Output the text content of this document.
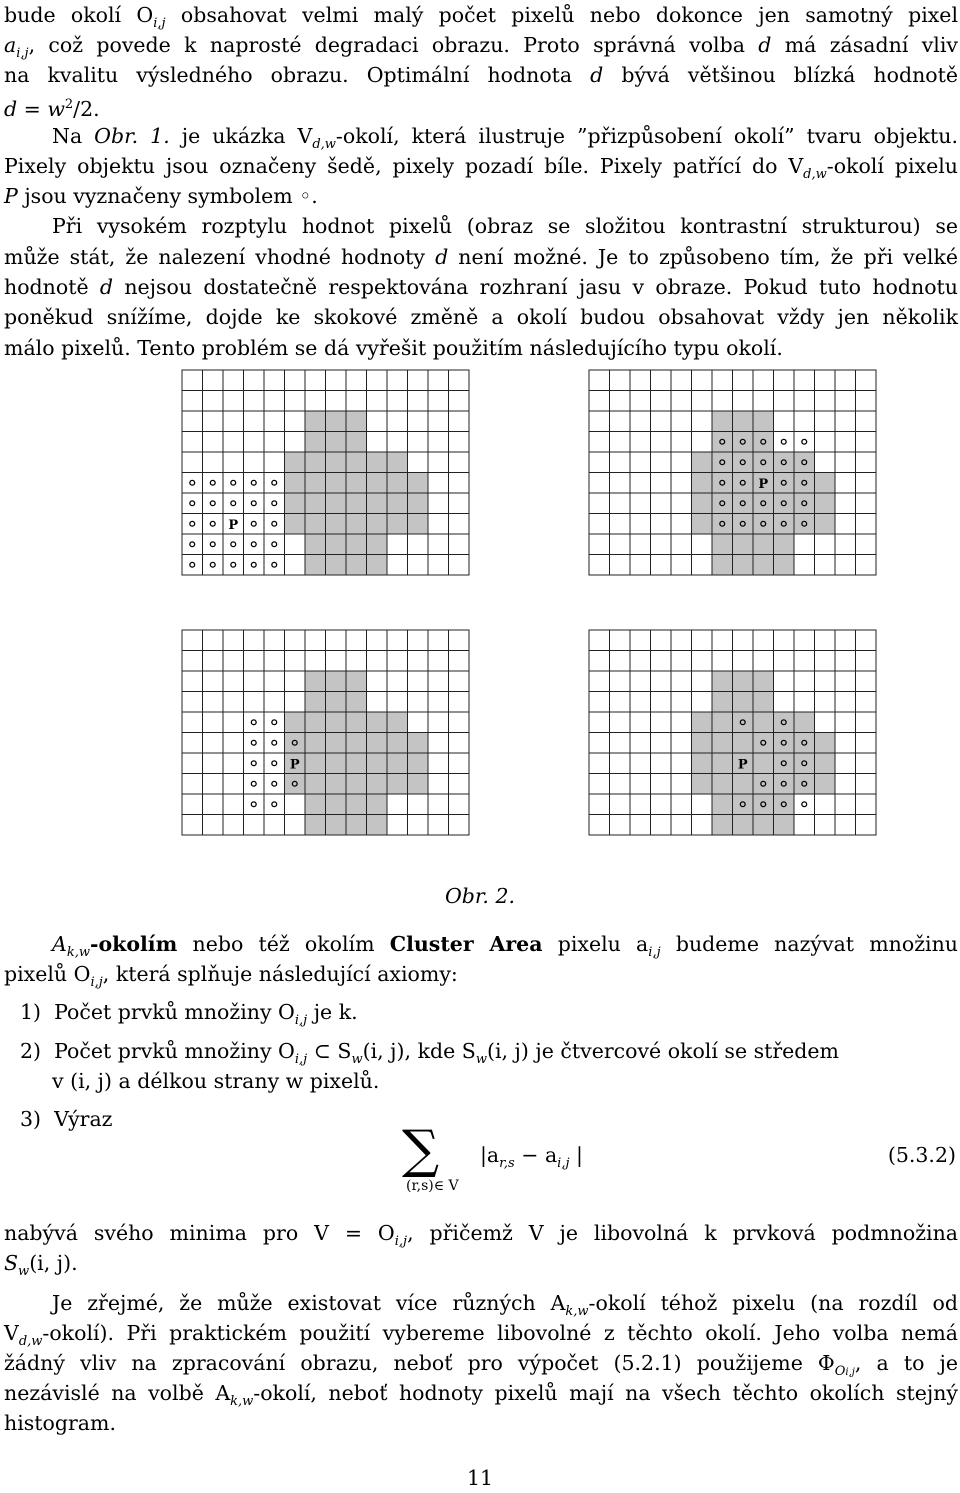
bude okolí $O_{i,j}$ obsahovat velmi malý počet pixelů nebo dokonce jen samotný pixel
$a_{i,j}$, což povede k naprosté degradaci obrazu. Proto správná volba d má zásadní vliv
na kvalitu výsledného obrazu. Optimální hodnota d bývá většinou blízká hodnotě
$d = w^2/2$.
Na Obr. 1. je ukázka $V_{d,w}$-okolí, která ilustruje ”přizpůsobení okolí” tvaru objektu.
Pixely objektu jsou označeny šedě, pixely pozadí bíle. Pixely patřící do $V_{d,w}$-okolí pixelu
P jsou vyznačeny symbolem ◦.
Při vysokém rozptylu hodnot pixelů (obraz se složitou kontrastní strukturou) se
může stát, že nalezení vhodné hodnoty d není možné. Je to způsobeno tím, že při velké
hodnotě d nejsou dostatečně respektována rozhraní jasu v obraze. Pokud tuto hodnotu
poněkud snížíme, dojde ke skokové změně a okolí budou obsahovat vždy jen několik
málo pixelů. Tento problém se dá vyřešit použitím následujícího typu okolí.
P
P
P	P
Obr. 2.
$A_{k,w}$-okolím nebo též okolím Cluster Area pixelu $a_{i,j}$ budeme nazývat množinu
pixelů $O_{i,j}$, která splňuje následující axiomy:
1) Počet prvků množiny $O_{i,j}$ je k.
2) Počet prvků množiny $O_{i,j}$ ⊂ $S_w(i$, j), kde $S_w(i$, j) je čtvercové okolí se středem
v (i, j) a délkou strany w pixelů.
3) Výraz
∑
(r,s)∈ V
$|a_{r,s} - a_{i,j}$ |	(5.3.2)
nabývá svého minima pro $V = O_{i,j}$, přičemž V je libovolná k prvková podmnožina
$S_w(i$, j).
Je zřejmé, že může existovat více různých $A_{k,w}$-okolí téhož pixelu (na rozdíl od
$V_{d,w}-okolí$). Při praktickém použití vybereme libovolné z těchto okolí. Jeho volba nemá
žádný vliv na zpracování obrazu, neboť pro výpočet (5.2.1) použijeme $\Phi_{Oi,j}$, a to je
nezávislé na volbě $A_{k,w}$-okolí, neboť hodnoty pixelů mají na všech těchto okolích stejný
histogram.
11
